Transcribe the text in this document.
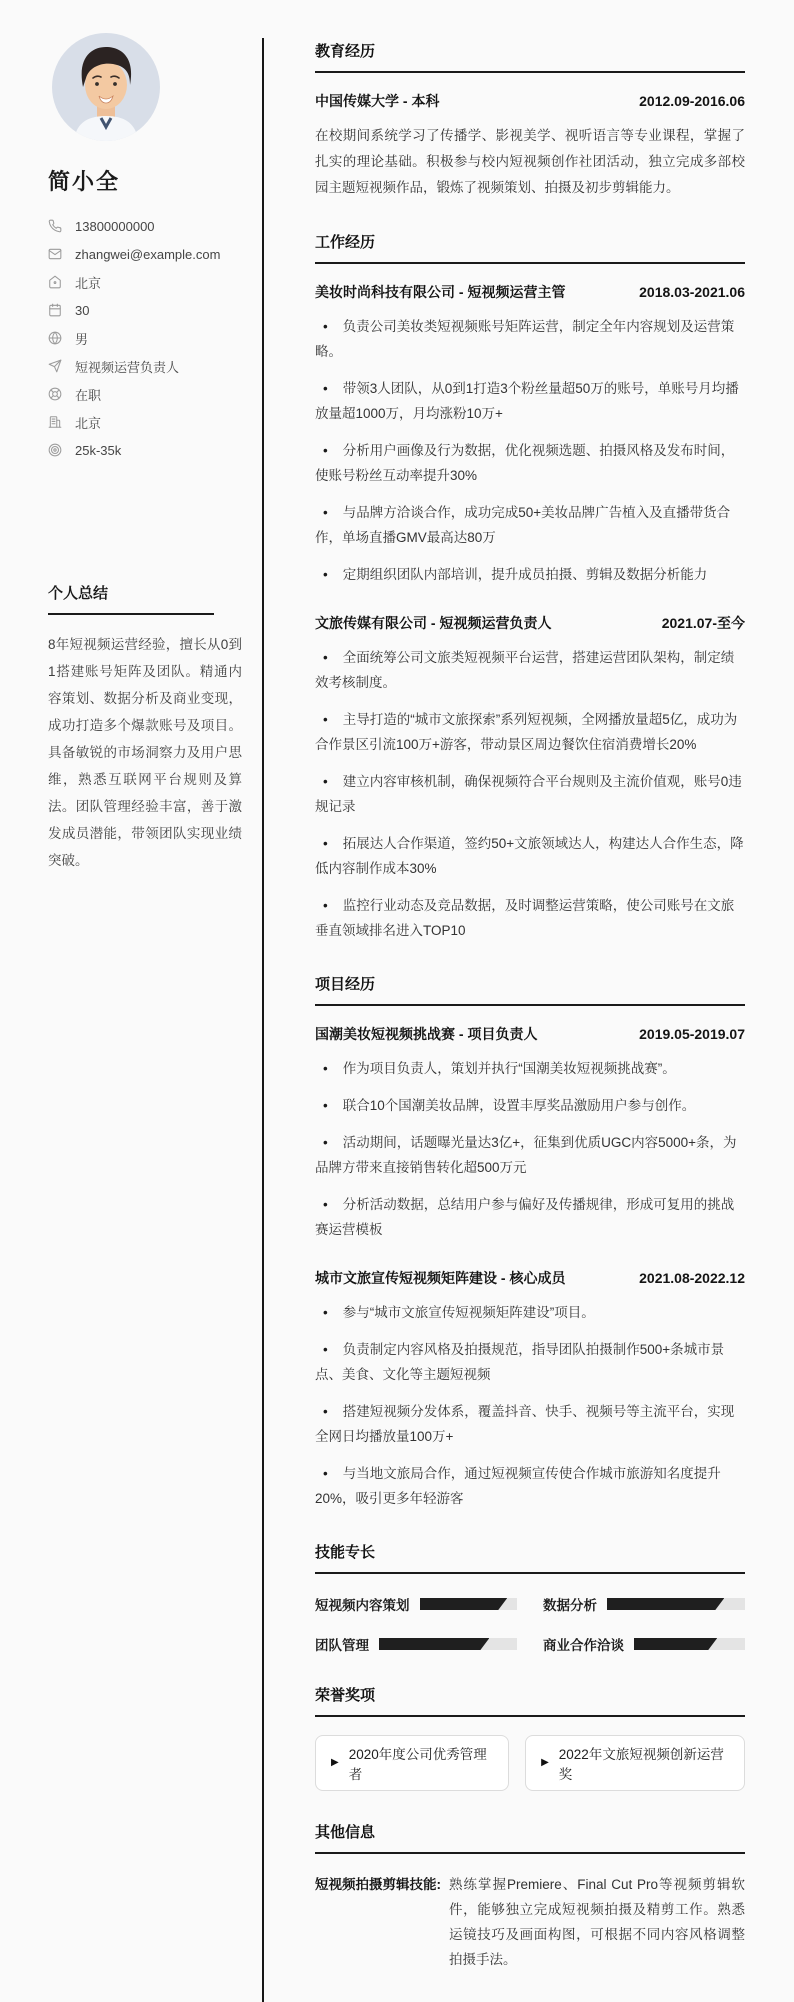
简小全
13800000000
zhangwei@example.com
北京
30
男
短视频运营负责人
在职
北京
25k-35k
个人总结

8年短视频运营经验，擅长从0到1搭建账号矩阵及团队。精通内容策划、数据分析及商业变现，成功打造多个爆款账号及项目。具备敏锐的市场洞察力及用户思维，熟悉互联网平台规则及算法。团队管理经验丰富，善于激发成员潜能，带领团队实现业绩突破。

教育经历
中国传媒大学 - 本科	2012.09-2016.06

在校期间系统学习了传播学、影视美学、视听语言等专业课程，掌握了扎实的理论基础。积极参与校内短视频创作社团活动，独立完成多部校园主题短视频作品，锻炼了视频策划、拍摄及初步剪辑能力。

工作经历
美妆时尚科技有限公司 - 短视频运营主管	2018.03-2021.06
• 负责公司美妆类短视频账号矩阵运营，制定全年内容规划及运营策略。
• 带领3人团队，从0到1打造3个粉丝量超50万的账号，单账号月均播放量超1000万，月均涨粉10万+
• 分析用户画像及行为数据，优化视频选题、拍摄风格及发布时间，使账号粉丝互动率提升30%
• 与品牌方洽谈合作，成功完成50+美妆品牌广告植入及直播带货合作，单场直播GMV最高达80万
• 定期组织团队内部培训，提升成员拍摄、剪辑及数据分析能力
文旅传媒有限公司 - 短视频运营负责人	2021.07-至今
• 全面统筹公司文旅类短视频平台运营，搭建运营团队架构，制定绩效考核制度。
• 主导打造的“城市文旅探索”系列短视频，全网播放量超5亿，成功为合作景区引流100万+游客，带动景区周边餐饮住宿消费增长20%
• 建立内容审核机制，确保视频符合平台规则及主流价值观，账号0违规记录
• 拓展达人合作渠道，签约50+文旅领域达人，构建达人合作生态，降低内容制作成本30%
• 监控行业动态及竞品数据，及时调整运营策略，使公司账号在文旅垂直领域排名进入TOP10
项目经历
国潮美妆短视频挑战赛 - 项目负责人	2019.05-2019.07
• 作为项目负责人，策划并执行“国潮美妆短视频挑战赛”。
• 联合10个国潮美妆品牌，设置丰厚奖品激励用户参与创作。
• 活动期间，话题曝光量达3亿+，征集到优质UGC内容5000+条，为品牌方带来直接销售转化超500万元
• 分析活动数据，总结用户参与偏好及传播规律，形成可复用的挑战赛运营模板
城市文旅宣传短视频矩阵建设 - 核心成员	2021.08-2022.12
• 参与“城市文旅宣传短视频矩阵建设”项目。
• 负责制定内容风格及拍摄规范，指导团队拍摄制作500+条城市景点、美食、文化等主题短视频
• 搭建短视频分发体系，覆盖抖音、快手、视频号等主流平台，实现全网日均播放量100万+
• 与当地文旅局合作，通过短视频宣传使合作城市旅游知名度提升20%，吸引更多年轻游客
技能专长
短视频内容策划	数据分析
团队管理	商业合作洽谈
荣誉奖项
▶
2020年度公司优秀管理者
▶
2022年文旅短视频创新运营奖
其他信息
短视频拍摄剪辑技能: 熟练掌握Premiere、Final Cut Pro等视频剪辑软件，能够独立完成短视频拍摄及精剪工作。熟悉运镜技巧及画面构图，可根据不同内容风格调整拍摄手法。
